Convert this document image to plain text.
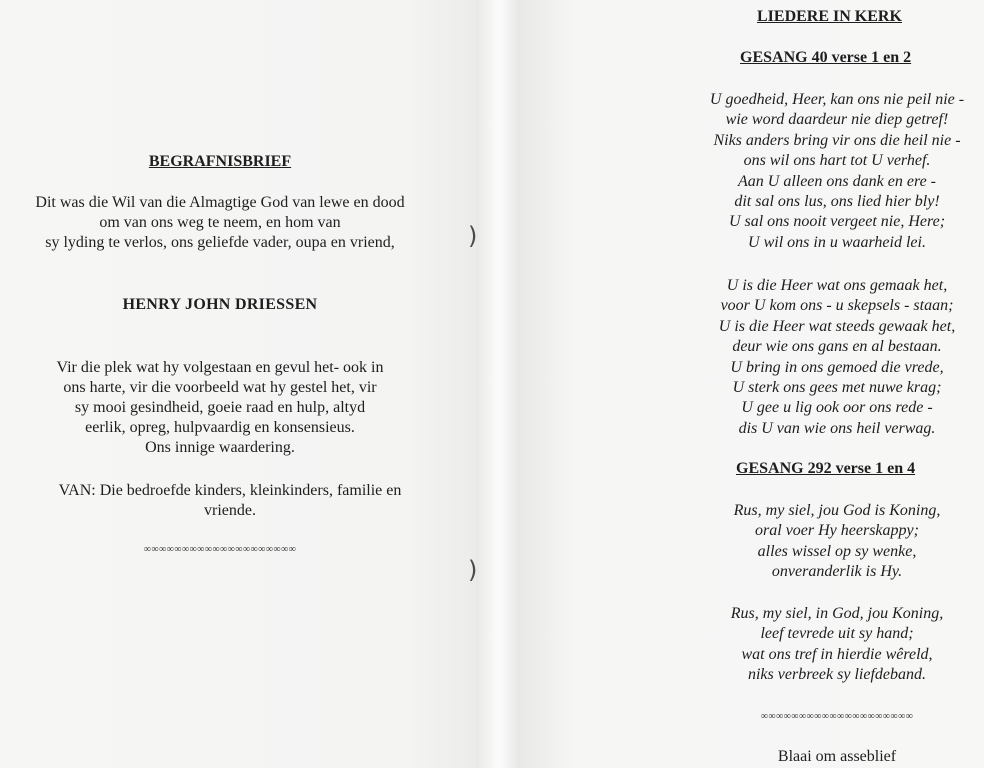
BEGRAFNISBRIEF
Dit was die Wil van die Almagtige God van lewe en dood
om van ons weg te neem, en hom van
sy lyding te verlos, ons geliefde vader, oupa en vriend,
HENRY JOHN DRIESSEN
Vir die plek wat hy volgestaan en gevul het- ook in
ons harte, vir die voorbeeld wat hy gestel het, vir
sy mooi gesindheid, goeie raad en hulp, altyd
eerlik, opreg, hulpvaardig en konsensieus.
Ons innige waardering.
VAN: Die bedroefde kinders, kleinkinders, familie en
vriende.
∞∞∞∞∞∞∞∞∞∞∞∞∞∞∞∞∞∞∞∞
)
)
LIEDERE IN KERK
GESANG 40 verse 1 en 2
U goedheid, Heer, kan ons nie peil nie -
wie word daardeur nie diep getref!
Niks anders bring vir ons die heil nie -
ons wil ons hart tot U verhef.
Aan U alleen ons dank en ere -
dit sal ons lus, ons lied hier bly!
U sal ons nooit vergeet nie, Here;
U wil ons in u waarheid lei.
U is die Heer wat ons gemaak het,
voor U kom ons - u skepsels - staan;
U is die Heer wat steeds gewaak het,
deur wie ons gans en al bestaan.
U bring in ons gemoed die vrede,
U sterk ons gees met nuwe krag;
U gee u lig ook oor ons rede -
dis U van wie ons heil verwag.
GESANG 292 verse 1 en 4
Rus, my siel, jou God is Koning,
oral voer Hy heerskappy;
alles wissel op sy wenke,
onveranderlik is Hy.
Rus, my siel, in God, jou Koning,
leef tevrede uit sy hand;
wat ons tref in hierdie wêreld,
niks verbreek sy liefdeband.
∞∞∞∞∞∞∞∞∞∞∞∞∞∞∞∞∞∞∞∞
Blaai om asseblief
